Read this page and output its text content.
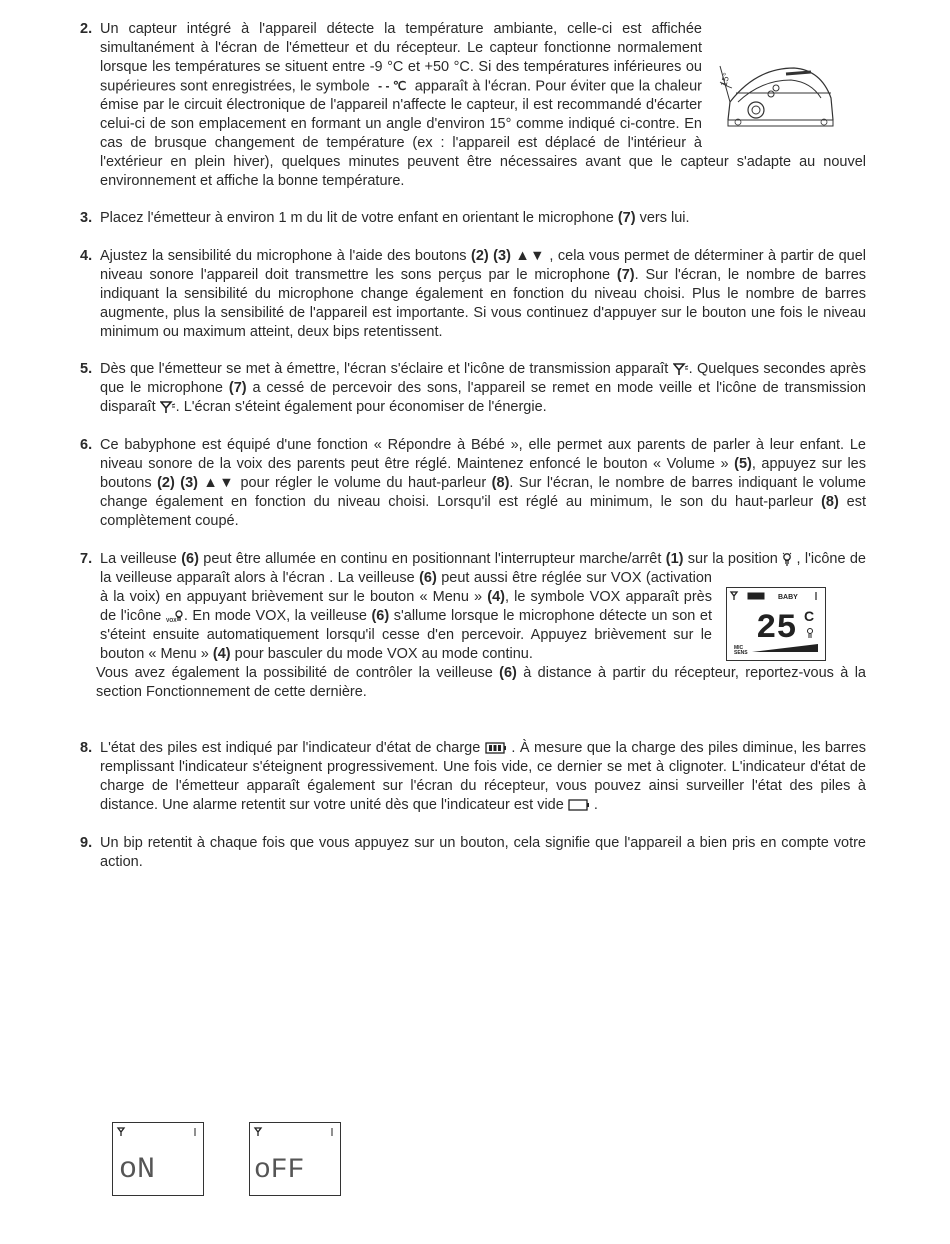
2.
15°
Un capteur intégré à l'appareil détecte la température ambiante, celle-ci est affichée simultanément à l'écran de l'émetteur et du récepteur. Le capteur fonctionne normalement lorsque les températures se situent entre -9 °C et +50 °C. Si des températures inférieures ou supérieures sont enregistrées, le symbole - - ℃ apparaît à l'écran. Pour éviter que la chaleur émise par le circuit électronique de l'appareil n'affecte le capteur, il est recommandé d'écarter celui-ci de son emplacement en formant un angle d'environ 15° comme indiqué ci-contre. En cas de brusque changement de température (ex : l'appareil est déplacé de l'intérieur à l'extérieur en plein hiver), quelques minutes peuvent être nécessaires avant que le capteur s'adapte au nouvel environnement et affiche la bonne température.
3. Placez l'émetteur à environ 1 m du lit de votre enfant en orientant le microphone (7) vers lui.
4. Ajustez la sensibilité du microphone à l'aide des boutons (2) (3) ▲▼ , cela vous permet de déterminer à partir de quel niveau sonore l'appareil doit transmettre les sons perçus par le microphone (7). Sur l'écran, le nombre de barres indiquant la sensibilité du microphone change également en fonction du niveau choisi. Plus le nombre de barres augmente, plus la sensibilité de l'appareil est importante. Si vous continuez d'appuyer sur le bouton une fois le niveau minimum ou maximum atteint, deux bips retentissent.
5. Dès que l'émetteur se met à émettre, l'écran s'éclaire et l'icône de transmission apparaît . Quelques secondes après que le microphone (7) a cessé de percevoir des sons, l'appareil se remet en mode veille et l'icône de transmission disparaît . L'écran s'éteint également pour économiser de l'énergie.
6. Ce babyphone est équipé d'une fonction « Répondre à Bébé », elle permet aux parents de parler à leur enfant. Le niveau sonore de la voix des parents peut être réglé. Maintenez enfoncé le bouton « Volume » (5), appuyez sur les boutons (2) (3) ▲▼ pour régler le volume du haut-parleur (8). Sur l'écran, le nombre de barres indiquant le volume change également en fonction du niveau choisi. Lorsqu'il est réglé au minimum, le son du haut-parleur (8) est complètement coupé.
7. La veilleuse (6) peut être allumée en continu en positionnant l'interrupteur marche/arrêt (1) sur la position  , l'icône de la veilleuse apparaît alors à l'écran
BABY
25 C
MIC
SENS
. La veilleuse (6) peut aussi être réglée sur VOX (activation à la voix) en appuyant brièvement sur le bouton « Menu » (4), le symbole VOX apparaît près de l'icône VOX . En mode VOX, la veilleuse (6) s'allume lorsque le microphone détecte un son et s'éteint ensuite automatiquement lorsqu'il cesse d'en percevoir. Appuyez brièvement sur le bouton « Menu » (4) pour basculer du mode VOX au mode continu.
Vous avez également la possibilité de contrôler la veilleuse (6) à distance à partir du récepteur, reportez-vous à la section Fonctionnement de cette dernière.
8. L'état des piles est indiqué par l'indicateur d'état de charge  . À mesure que la charge des piles diminue, les barres remplissant l'indicateur s'éteignent progressivement. Une fois vide, ce dernier se met à clignoter. L'indicateur d'état de charge de l'émetteur apparaît également sur l'écran du récepteur, vous pouvez ainsi surveiller l'état des piles à distance. Une alarme retentit sur votre unité dès que l'indicateur est vide  .
9. Un bip retentit à chaque fois que vous appuyez sur un bouton, cela signifie que l'appareil a bien pris en compte votre action.
oN	oFF
